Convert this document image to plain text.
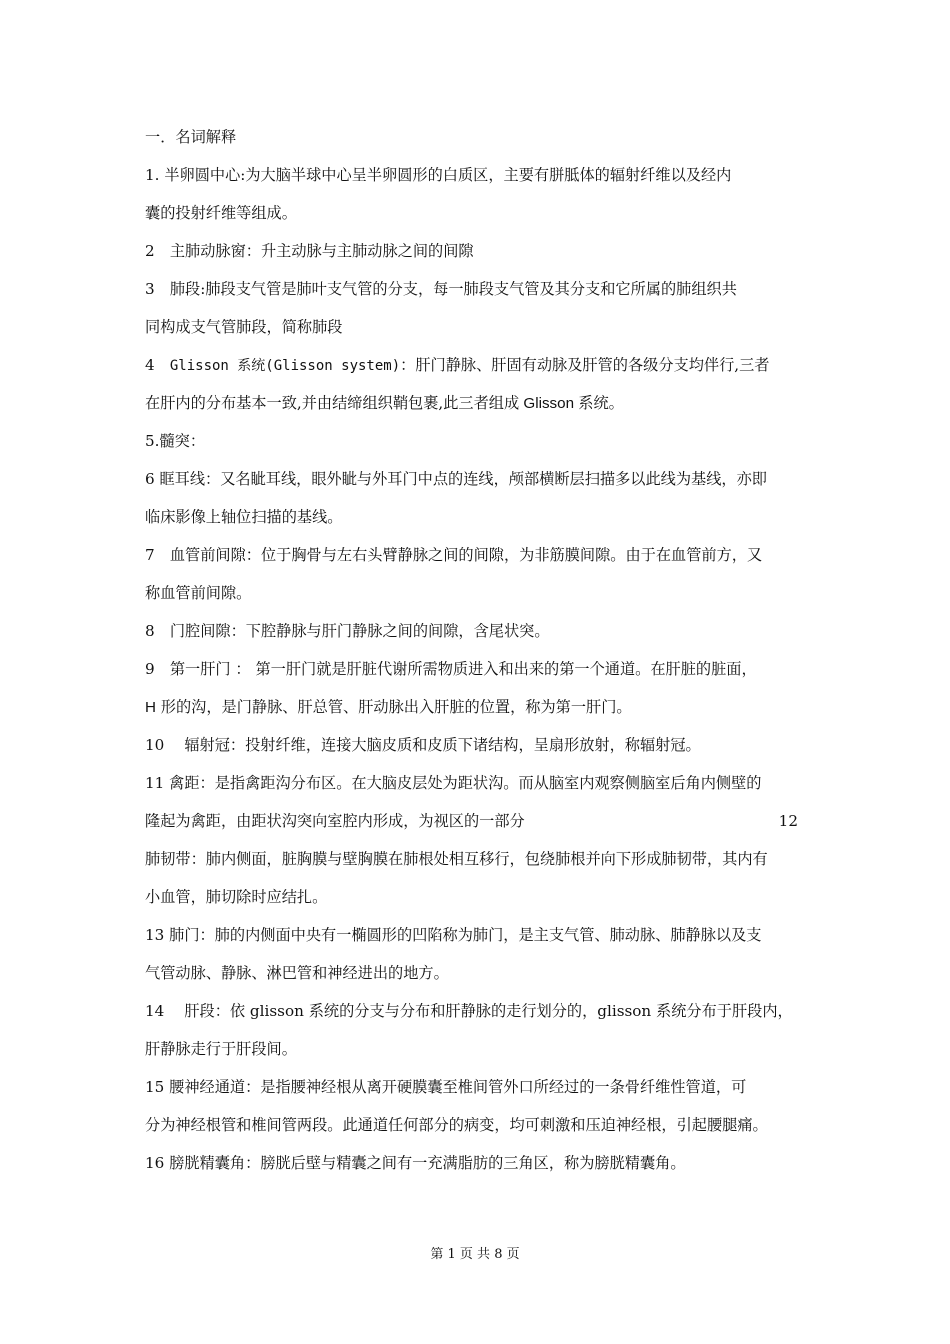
一．名词解释
1. 半卵圆中心:为大脑半球中心呈半卵圆形的白质区，主要有胼胝体的辐射纤维以及经内
囊的投射纤维等组成。
2　主肺动脉窗：升主动脉与主肺动脉之间的间隙
3　肺段:肺段支气管是肺叶支气管的分支，每一肺段支气管及其分支和它所属的肺组织共
同构成支气管肺段，简称肺段
4　Glisson 系统(Glisson system)：肝门静脉、肝固有动脉及肝管的各级分支均伴行,三者
在肝内的分布基本一致,并由结缔组织鞘包裹,此三者组成 Glisson 系统。
5.髓突：
6 眶耳线：又名眦耳线，眼外眦与外耳门中点的连线，颅部横断层扫描多以此线为基线，亦即
临床影像上轴位扫描的基线。
7　血管前间隙：位于胸骨与左右头臂静脉之间的间隙，为非筋膜间隙。由于在血管前方，又
称血管前间隙。
8　门腔间隙：下腔静脉与肝门静脉之间的间隙，含尾状突。
9　第一肝门 ： 第一肝门就是肝脏代谢所需物质进入和出来的第一个通道。在肝脏的脏面，
H 形的沟，是门静脉、肝总管、肝动脉出入肝脏的位置，称为第一肝门。
10　 辐射冠：投射纤维，连接大脑皮质和皮质下诸结构，呈扇形放射，称辐射冠。
11 禽距：是指禽距沟分布区。在大脑皮层处为距状沟。而从脑室内观察侧脑室后角内侧壁的
隆起为禽距，由距状沟突向室腔内形成，为视区的一部分	12
肺韧带：肺内侧面，脏胸膜与壁胸膜在肺根处相互移行，包绕肺根并向下形成肺韧带，其内有
小血管，肺切除时应结扎。
13 肺门：肺的内侧面中央有一椭圆形的凹陷称为肺门，是主支气管、肺动脉、肺静脉以及支
气管动脉、静脉、淋巴管和神经进出的地方。
14　 肝段：依 glisson 系统的分支与分布和肝静脉的走行划分的，glisson 系统分布于肝段内，
肝静脉走行于肝段间。
15 腰神经通道：是指腰神经根从离开硬膜囊至椎间管外口所经过的一条骨纤维性管道，可
分为神经根管和椎间管两段。此通道任何部分的病变，均可刺激和压迫神经根，引起腰腿痛。
16 膀胱精囊角：膀胱后壁与精囊之间有一充满脂肪的三角区，称为膀胱精囊角。
第 1 页 共 8 页
